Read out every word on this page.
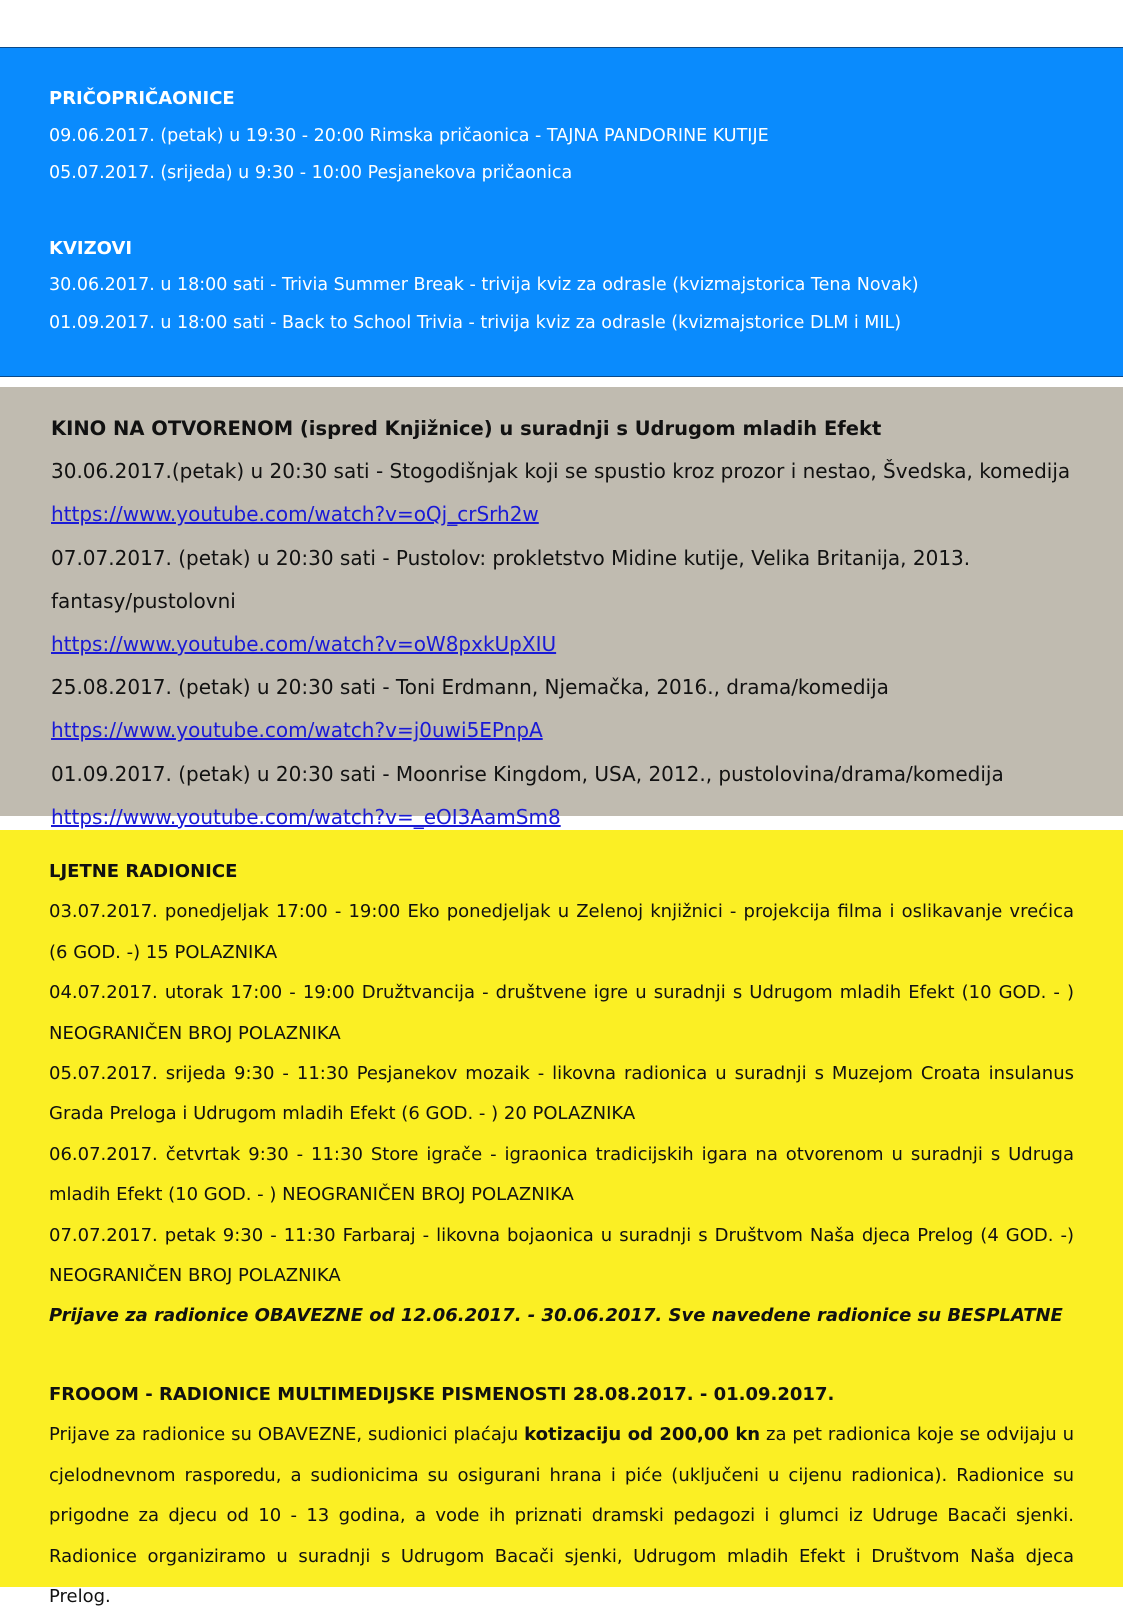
PRIČOPRIČAONICE

09.06.2017. (petak) u 19:30 - 20:00 Rimska pričaonica - TAJNA PANDORINE KUTIJE

05.07.2017. (srijeda) u 9:30 - 10:00 Pesjanekova pričaonica

KVIZOVI

30.06.2017. u 18:00 sati - Trivia Summer Break - trivija kviz za odrasle (kvizmajstorica Tena Novak)

01.09.2017. u 18:00 sati - Back to School Trivia - trivija kviz za odrasle (kvizmajstorice DLM i MIL)

KINO NA OTVORENOM (ispred Knjižnice) u suradnji s Udrugom mladih Efekt

30.06.2017.(petak) u 20:30 sati - Stogodišnjak koji se spustio kroz prozor i nestao, Švedska, komedija

https://www.youtube.com/watch?v=oQj_crSrh2w

07.07.2017. (petak) u 20:30 sati - Pustolov: prokletstvo Midine kutije, Velika Britanija, 2013. fantasy/pustolovni

https://www.youtube.com/watch?v=oW8pxkUpXIU

25.08.2017. (petak) u 20:30 sati - Toni Erdmann, Njemačka, 2016., drama/komedija

https://www.youtube.com/watch?v=j0uwi5EPnpA

01.09.2017. (petak) u 20:30 sati - Moonrise Kingdom, USA, 2012., pustolovina/drama/komedija

https://www.youtube.com/watch?v=_eOI3AamSm8

LJETNE RADIONICE

03.07.2017. ponedjeljak 17:00 - 19:00 Eko ponedjeljak u Zelenoj knjižnici - projekcija filma i oslikavanje vrećica (6 GOD. -) 15 POLAZNIKA

04.07.2017. utorak 17:00 - 19:00 Družtvancija - društvene igre u suradnji s Udrugom mladih Efekt (10 GOD. - ) NEOGRANIČEN BROJ POLAZNIKA

05.07.2017. srijeda 9:30 - 11:30 Pesjanekov mozaik - likovna radionica u suradnji s Muzejom Croata insulanus Grada Preloga i Udrugom mladih Efekt (6 GOD. - ) 20 POLAZNIKA

06.07.2017. četvrtak 9:30 - 11:30 Store igrače - igraonica tradicijskih igara na otvorenom u suradnji s Udruga mladih Efekt (10 GOD. - ) NEOGRANIČEN BROJ POLAZNIKA

07.07.2017. petak 9:30 - 11:30 Farbaraj - likovna bojaonica u suradnji s Društvom Naša djeca Prelog (4 GOD. -) NEOGRANIČEN BROJ POLAZNIKA

Prijave za radionice OBAVEZNE od 12.06.2017. - 30.06.2017. Sve navedene radionice su BESPLATNE

FROOOM - RADIONICE MULTIMEDIJSKE PISMENOSTI 28.08.2017. - 01.09.2017.

Prijave za radionice su OBAVEZNE, sudionici plaćaju kotizaciju od 200,00 kn za pet radionica koje se odvijaju u cjelodnevnom rasporedu, a sudionicima su osigurani hrana i piće (uključeni u cijenu radionica). Radionice su prigodne za djecu od 10 - 13 godina, a vode ih priznati dramski pedagozi i glumci iz Udruge Bacači sjenki. Radionice organiziramo u suradnji s Udrugom Bacači sjenki, Udrugom mladih Efekt i Društvom Naša djeca Prelog.
